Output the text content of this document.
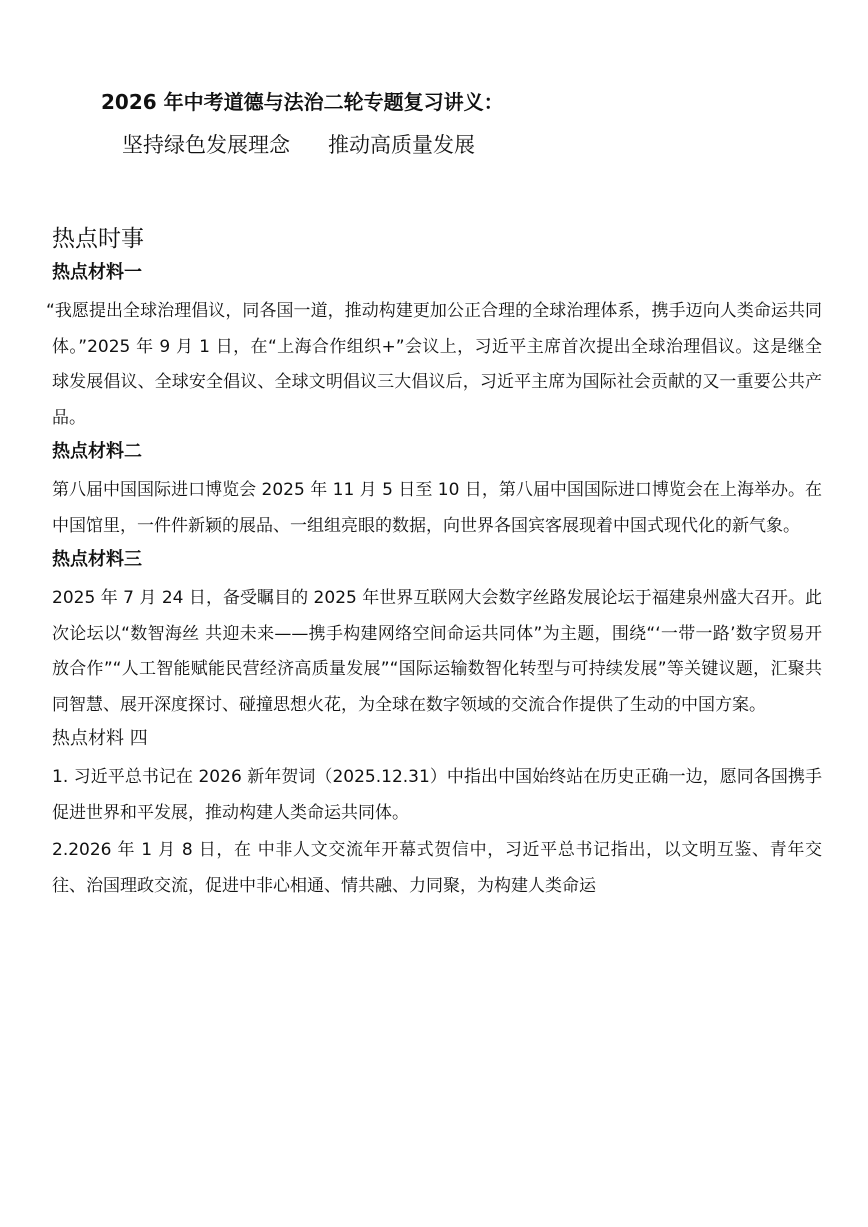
2026 年中考道德与法治二轮专题复习讲义：
坚持绿色发展理念 推动高质量发展
热点时事
热点材料一

“我愿提出全球治理倡议，同各国一道，推动构建更加公正合理的全球治理体系，携手迈向人类命运共同体。”2025 年 9 月 1 日，在“上海合作组织+”会议上，习近平主席首次提出全球治理倡议。这是继全球发展倡议、全球安全倡议、全球文明倡议三大倡议后，习近平主席为国际社会贡献的又一重要公共产品。

热点材料二

第八届中国国际进口博览会 2025 年 11 月 5 日至 10 日，第八届中国国际进口博览会在上海举办。在中国馆里，一件件新颖的展品、一组组亮眼的数据，向世界各国宾客展现着中国式现代化的新气象。

热点材料三

2025 年 7 月 24 日，备受瞩目的 2025 年世界互联网大会数字丝路发展论坛于福建泉州盛大召开。此次论坛以“数智海丝 共迎未来——携手构建网络空间命运共同体”为主题，围绕“‘一带一路’数字贸易开放合作”“人工智能赋能民营经济高质量发展”“国际运输数智化转型与可持续发展”等关键议题，汇聚共同智慧、展开深度探讨、碰撞思想火花，为全球在数字领域的交流合作提供了生动的中国方案。

热点材料 四

1. 习近平总书记在 2026 新年贺词（2025.12.31）中指出中国始终站在历史正确一边，愿同各国携手促进世界和平发展，推动构建人类命运共同体。

2.2026 年 1 月 8 日，在 中非人文交流年开幕式贺信中，习近平总书记指出，以文明互鉴、青年交往、治国理政交流，促进中非心相通、情共融、力同聚，为构建人类命运
